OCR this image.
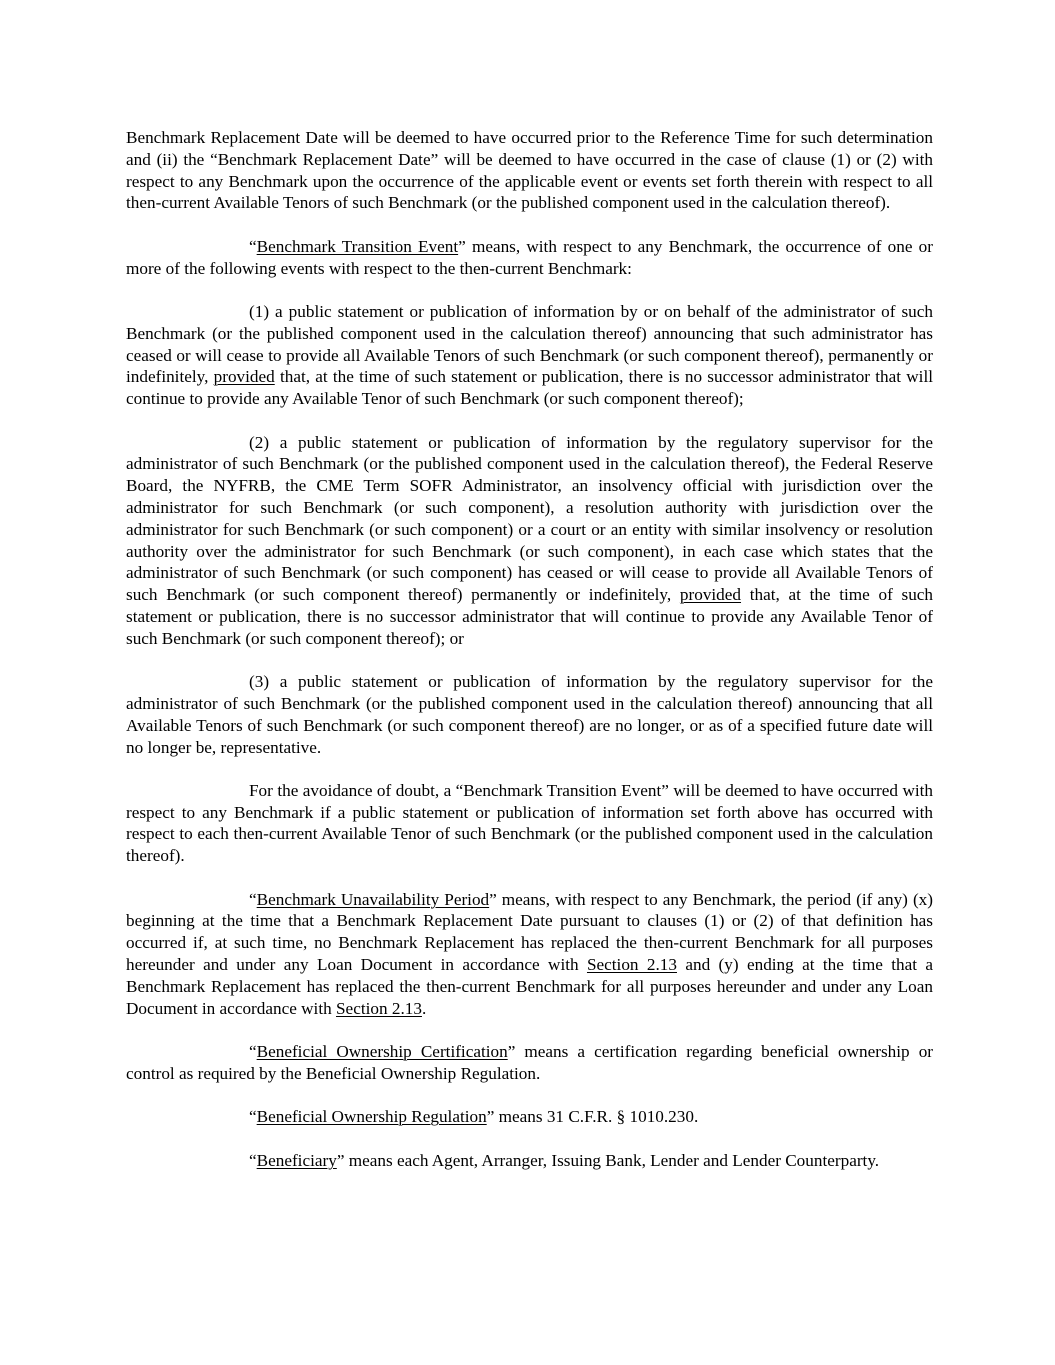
Benchmark Replacement Date will be deemed to have occurred prior to the Reference Time for such determination and (ii) the “Benchmark Replacement Date” will be deemed to have occurred in the case of clause (1) or (2) with respect to any Benchmark upon the occurrence of the applicable event or events set forth therein with respect to all then-current Available Tenors of such Benchmark (or the published component used in the calculation thereof).

“Benchmark Transition Event” means, with respect to any Benchmark, the occurrence of one or more of the following events with respect to the then-current Benchmark:

(1) a public statement or publication of information by or on behalf of the administrator of such Benchmark (or the published component used in the calculation thereof) announcing that such administrator has ceased or will cease to provide all Available Tenors of such Benchmark (or such component thereof), permanently or indefinitely, provided that, at the time of such statement or publication, there is no successor administrator that will continue to provide any Available Tenor of such Benchmark (or such component thereof);

(2) a public statement or publication of information by the regulatory supervisor for the administrator of such Benchmark (or the published component used in the calculation thereof), the Federal Reserve Board, the NYFRB, the CME Term SOFR Administrator, an insolvency official with jurisdiction over the administrator for such Benchmark (or such component), a resolution authority with jurisdiction over the administrator for such Benchmark (or such component) or a court or an entity with similar insolvency or resolution authority over the administrator for such Benchmark (or such component), in each case which states that the administrator of such Benchmark (or such component) has ceased or will cease to provide all Available Tenors of such Benchmark (or such component thereof) permanently or indefinitely, provided that, at the time of such statement or publication, there is no successor administrator that will continue to provide any Available Tenor of such Benchmark (or such component thereof); or

(3) a public statement or publication of information by the regulatory supervisor for the administrator of such Benchmark (or the published component used in the calculation thereof) announcing that all Available Tenors of such Benchmark (or such component thereof) are no longer, or as of a specified future date will no longer be, representative.

For the avoidance of doubt, a “Benchmark Transition Event” will be deemed to have occurred with respect to any Benchmark if a public statement or publication of information set forth above has occurred with respect to each then-current Available Tenor of such Benchmark (or the published component used in the calculation thereof).

“Benchmark Unavailability Period” means, with respect to any Benchmark, the period (if any) (x) beginning at the time that a Benchmark Replacement Date pursuant to clauses (1) or (2) of that definition has occurred if, at such time, no Benchmark Replacement has replaced the then-current Benchmark for all purposes hereunder and under any Loan Document in accordance with Section 2.13 and (y) ending at the time that a Benchmark Replacement has replaced the then-current Benchmark for all purposes hereunder and under any Loan Document in accordance with Section 2.13.

“Beneficial Ownership Certification” means a certification regarding beneficial ownership or control as required by the Beneficial Ownership Regulation.

“Beneficial Ownership Regulation” means 31 C.F.R. § 1010.230.

“Beneficiary” means each Agent, Arranger, Issuing Bank, Lender and Lender Counterparty.
